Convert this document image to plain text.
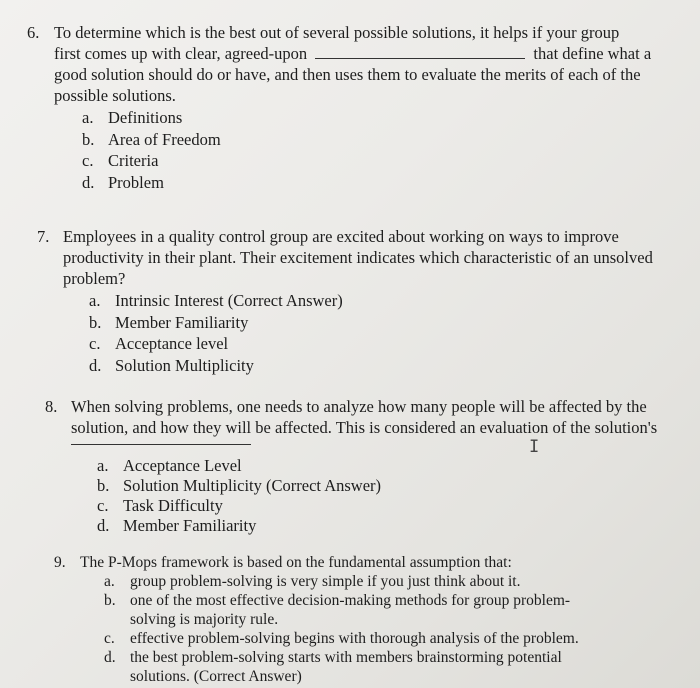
6. To determine which is the best out of several possible solutions, it helps if your group
first comes up with clear, agreed-upon	that define what a
good solution should do or have, and then uses them to evaluate the merits of each of the
possible solutions.
a. Definitions
b. Area of Freedom
c. Criteria
d. Problem
7. Employees in a quality control group are excited about working on ways to improve
productivity in their plant. Their excitement indicates which characteristic of an unsolved
problem?
a. Intrinsic Interest (Correct Answer)
b. Member Familiarity
c. Acceptance level
d. Solution Multiplicity
8. When solving problems, one needs to analyze how many people will be affected by the
solution, and how they will be affected. This is considered an evaluation of the solution's
I
a. Acceptance Level
b. Solution Multiplicity (Correct Answer)
c. Task Difficulty
d. Member Familiarity
9. The P-Mops framework is based on the fundamental assumption that:
a. group problem-solving is very simple if you just think about it.
b. one of the most effective decision-making methods for group problem-
solving is majority rule.
c. effective problem-solving begins with thorough analysis of the problem.
d. the best problem-solving starts with members brainstorming potential
solutions. (Correct Answer)
